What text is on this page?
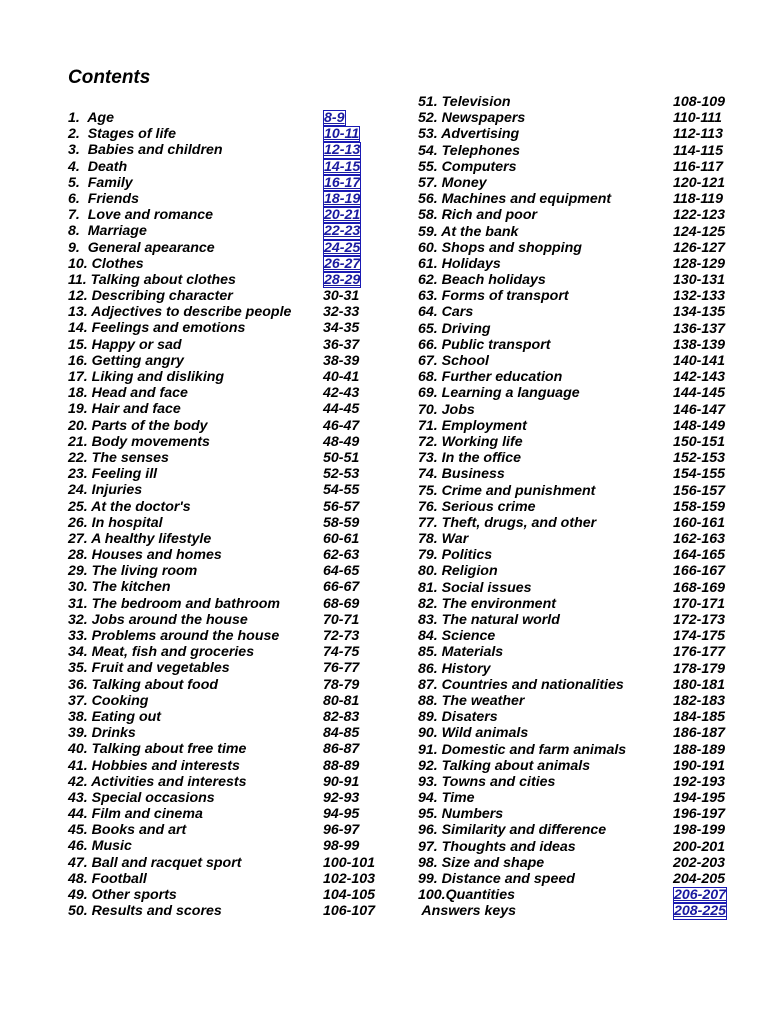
Contents
1.  Age	8-9
2.  Stages of life	10-11
3.  Babies and children	12-13
4.  Death	14-15
5.  Family	16-17
6.  Friends	18-19
7.  Love and romance	20-21
8.  Marriage	22-23
9.  General apearance	24-25
10. Clothes	26-27
11. Talking about clothes	28-29
12. Describing character	30-31
13. Adjectives to describe people 32-33
14. Feelings and emotions	34-35
15. Happy or sad	36-37
16. Getting angry	38-39
17. Liking and disliking	40-41
18. Head and face	42-43
19. Hair and face	44-45
20. Parts of the body	46-47
21. Body movements	48-49
22. The senses	50-51
23. Feeling ill	52-53
24. Injuries	54-55
25. At the doctor's	56-57
26. In hospital	58-59
27. A healthy lifestyle	60-61
28. Houses and homes	62-63
29. The living room	64-65
30. The kitchen	66-67
31. The bedroom and bathroom	68-69
32. Jobs around the house	70-71
33. Problems around the house	72-73
34. Meat, fish and groceries	74-75
35. Fruit and vegetables	76-77
36. Talking about food	78-79
37. Cooking	80-81
38. Eating out	82-83
39. Drinks	84-85
40. Talking about free time	86-87
41. Hobbies and interests	88-89
42. Activities and interests	90-91
43. Special occasions	92-93
44. Film and cinema	94-95
45. Books and art	96-97
46. Music	98-99
47. Ball and racquet sport	100-101
48. Football	102-103
49. Other sports	104-105
50. Results and scores	106-107
51. Television	108-109
52. Newspapers	110-111
53. Advertising	112-113
54. Telephones	114-115
55. Computers	116-117
57. Money	120-121
56. Machines and equipment	118-119
58. Rich and poor	122-123
59. At the bank	124-125
60. Shops and shopping	126-127
61. Holidays	128-129
62. Beach holidays	130-131
63. Forms of transport	132-133
64. Cars	134-135
65. Driving	136-137
66. Public transport	138-139
67. School	140-141
68. Further education	142-143
69. Learning a language	144-145
70. Jobs	146-147
71. Employment	148-149
72. Working life	150-151
73. In the office	152-153
74. Business	154-155
75. Crime and punishment	156-157
76. Serious crime	158-159
77. Theft, drugs, and other	160-161
78. War	162-163
79. Politics	164-165
80. Religion	166-167
81. Social issues	168-169
82. The environment	170-171
83. The natural world	172-173
84. Science	174-175
85. Materials	176-177
86. History	178-179
87. Countries and nationalities	180-181
88. The weather	182-183
89. Disaters	184-185
90. Wild animals	186-187
91. Domestic and farm animals	188-189
92. Talking about animals	190-191
93. Towns and cities	192-193
94. Time	194-195
95. Numbers	196-197
96. Similarity and difference	198-199
97. Thoughts and ideas	200-201
98. Size and shape	202-203
99. Distance and speed	204-205
100.Quantities	206-207
Answers keys	208-225
